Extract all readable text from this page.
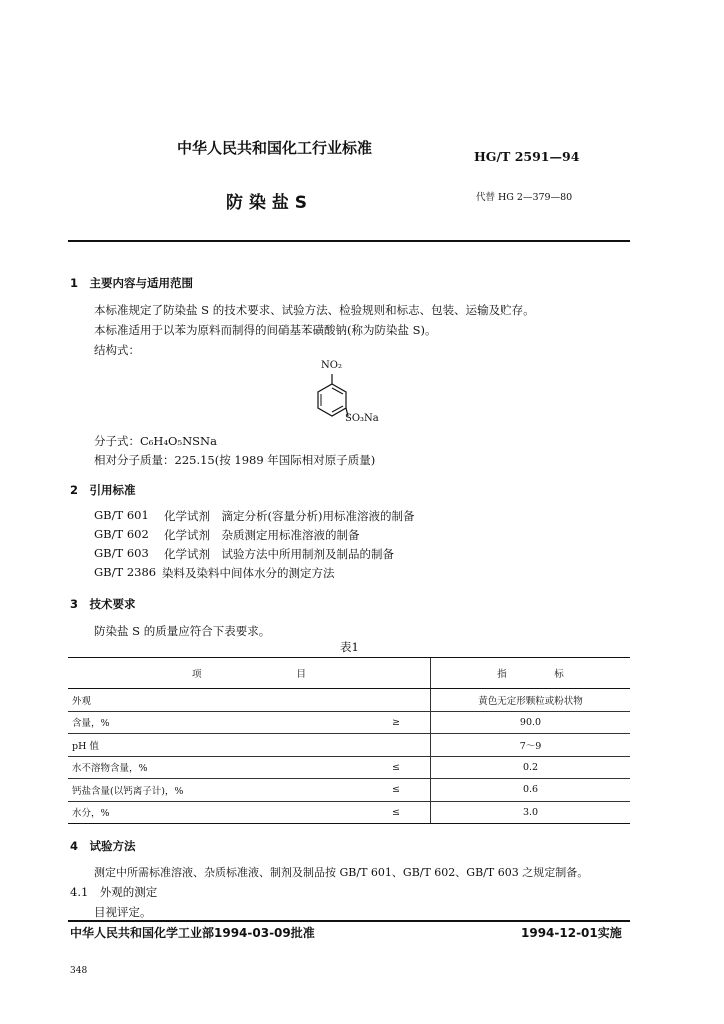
中华人民共和国化工行业标准	HG/T 2591—94
防 染 盐 S	代替 HG 2—379—80
1　主要内容与适用范围
本标准规定了防染盐 S 的技术要求、试验方法、检验规则和标志、包装、运输及贮存。
本标准适用于以苯为原料而制得的间硝基苯磺酸钠(称为防染盐 S)。
结构式：
NO₂
SO₃Na
分子式：C₆H₄O₅NSNa
相对分子质量：225.15(按 1989 年国际相对原子质量)
2　引用标准
GB/T 601 化学试剂　滴定分析(容量分析)用标准溶液的制备
GB/T 602 化学试剂　杂质测定用标准溶液的制备
GB/T 603 化学试剂　试验方法中所用制剂及制品的制备
GB/T 2386 染料及染料中间体水分的测定方法
3　技术要求
防染盐 S 的质量应符合下表要求。
表1
项　　　　　　　　　　目		指　　　　　标
外观		黄色无定形颗粒或粉状物
含量，%	≥	90.0
pH 值		7～9
水不溶物含量，%	≤	0.2
钙盐含量(以钙离子计)，%	≤	0.6
水分，%	≤	3.0
4　试验方法
测定中所需标准溶液、杂质标准液、制剂及制品按 GB/T 601、GB/T 602、GB/T 603 之规定制备。
4.1　外观的测定
目视评定。
中华人民共和国化学工业部1994-03-09批准	1994-12-01实施
348
